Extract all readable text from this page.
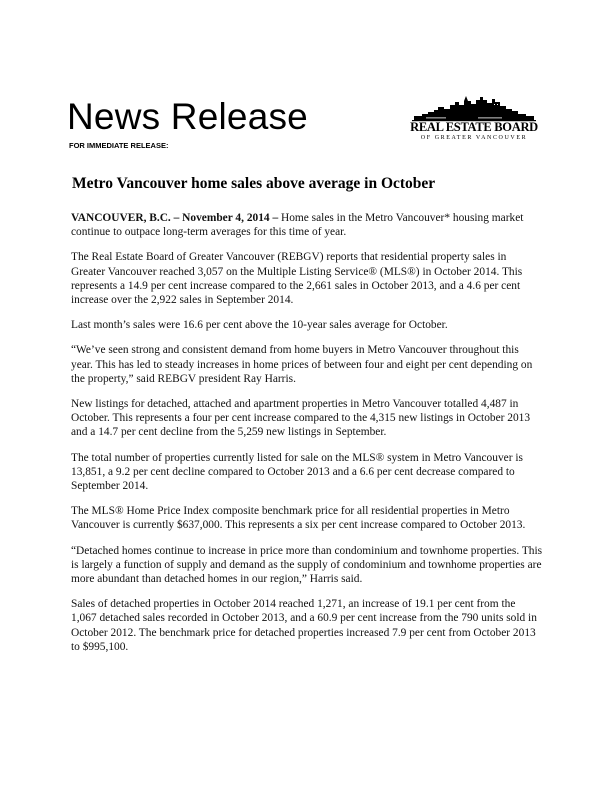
News Release
FOR IMMEDIATE RELEASE:
REAL ESTATE BOARD
OF GREATER VANCOUVER
Metro Vancouver home sales above average in October

VANCOUVER, B.C. – November 4, 2014 – Home sales in the Metro Vancouver* housing market continue to outpace long-term averages for this time of year.

The Real Estate Board of Greater Vancouver (REBGV) reports that residential property sales in Greater Vancouver reached 3,057 on the Multiple Listing Service® (MLS®) in October 2014. This represents a 14.9 per cent increase compared to the 2,661 sales in October 2013, and a 4.6 per cent increase over the 2,922 sales in September 2014.

Last month’s sales were 16.6 per cent above the 10-year sales average for October.

“We’ve seen strong and consistent demand from home buyers in Metro Vancouver throughout this year. This has led to steady increases in home prices of between four and eight per cent depending on the property,” said REBGV president Ray Harris.

New listings for detached, attached and apartment properties in Metro Vancouver totalled 4,487 in October. This represents a four per cent increase compared to the 4,315 new listings in October 2013 and a 14.7 per cent decline from the 5,259 new listings in September.

The total number of properties currently listed for sale on the MLS® system in Metro Vancouver is 13,851, a 9.2 per cent decline compared to October 2013 and a 6.6 per cent decrease compared to September 2014.

The MLS® Home Price Index composite benchmark price for all residential properties in Metro Vancouver is currently $637,000. This represents a six per cent increase compared to October 2013.

“Detached homes continue to increase in price more than condominium and townhome properties. This is largely a function of supply and demand as the supply of condominium and townhome properties are more abundant than detached homes in our region,” Harris said.

Sales of detached properties in October 2014 reached 1,271, an increase of 19.1 per cent from the 1,067 detached sales recorded in October 2013, and a 60.9 per cent increase from the 790 units sold in October 2012. The benchmark price for detached properties increased 7.9 per cent from October 2013 to $995,100.
